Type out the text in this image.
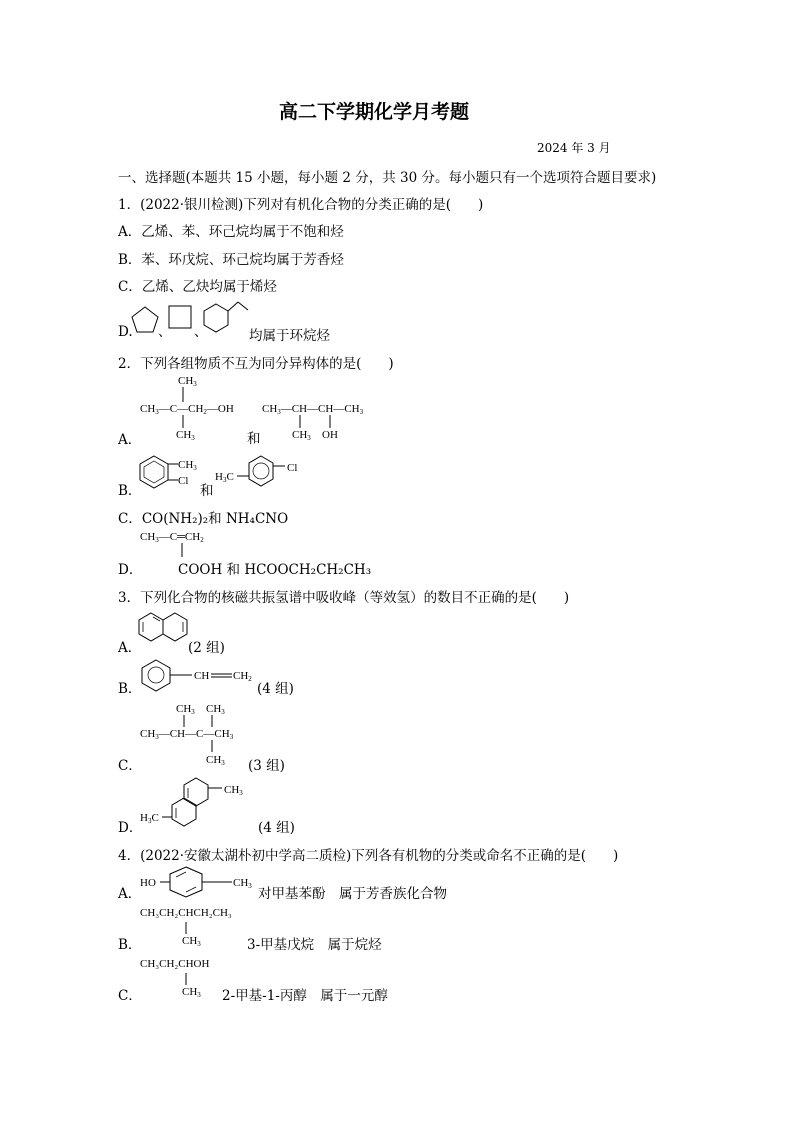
高二下学期化学月考题
2024 年 3 月
一、选择题(本题共 15 小题，每小题 2 分，共 30 分。每小题只有一个选项符合题目要求)
1．(2022·银川检测)下列对有机化合物的分类正确的是(　　)
A．乙烯、苯、环己烷均属于不饱和烃
B．苯、环戊烷、环己烷均属于芳香烃
C．乙烯、乙炔均属于烯烃
D. 、 、	均属于环烷烃
2．下列各组物质不互为同分异构体的是(　　)
CH3
CH3—C—CH2—OH
CH3
CH3—CH—CH—CH3
CH3 OH
A．	和
B．
CH3
Cl
和
H3C
Cl
C．CO(NH₂)₂和 NH₄CNO
CH3—C═CH2
D．	COOH 和 HCOOCH₂CH₂CH₃
3．下列化合物的核磁共振氢谱中吸收峰（等效氢）的数目不正确的是(　　)
A．	(2 组)
B．
CH CH2
(4 组)
CH3 CH3
CH3—CH—C—CH3
CH3
C．	(3 组)
H3C
CH3
D．	(4 组)
4．(2022·安徽太湖朴初中学高二质检)下列各有机物的分类或命名不正确的是(　　)
A．
HO	CH3 对甲基苯酚　属于芳香族化合物
CH₃CH₂CHCH₂CH₃
CH3
B．	3-甲基戊烷　属于烷烃
CH₃CH₂CHOH
CH3
C．	2-甲基-1-丙醇　属于一元醇
